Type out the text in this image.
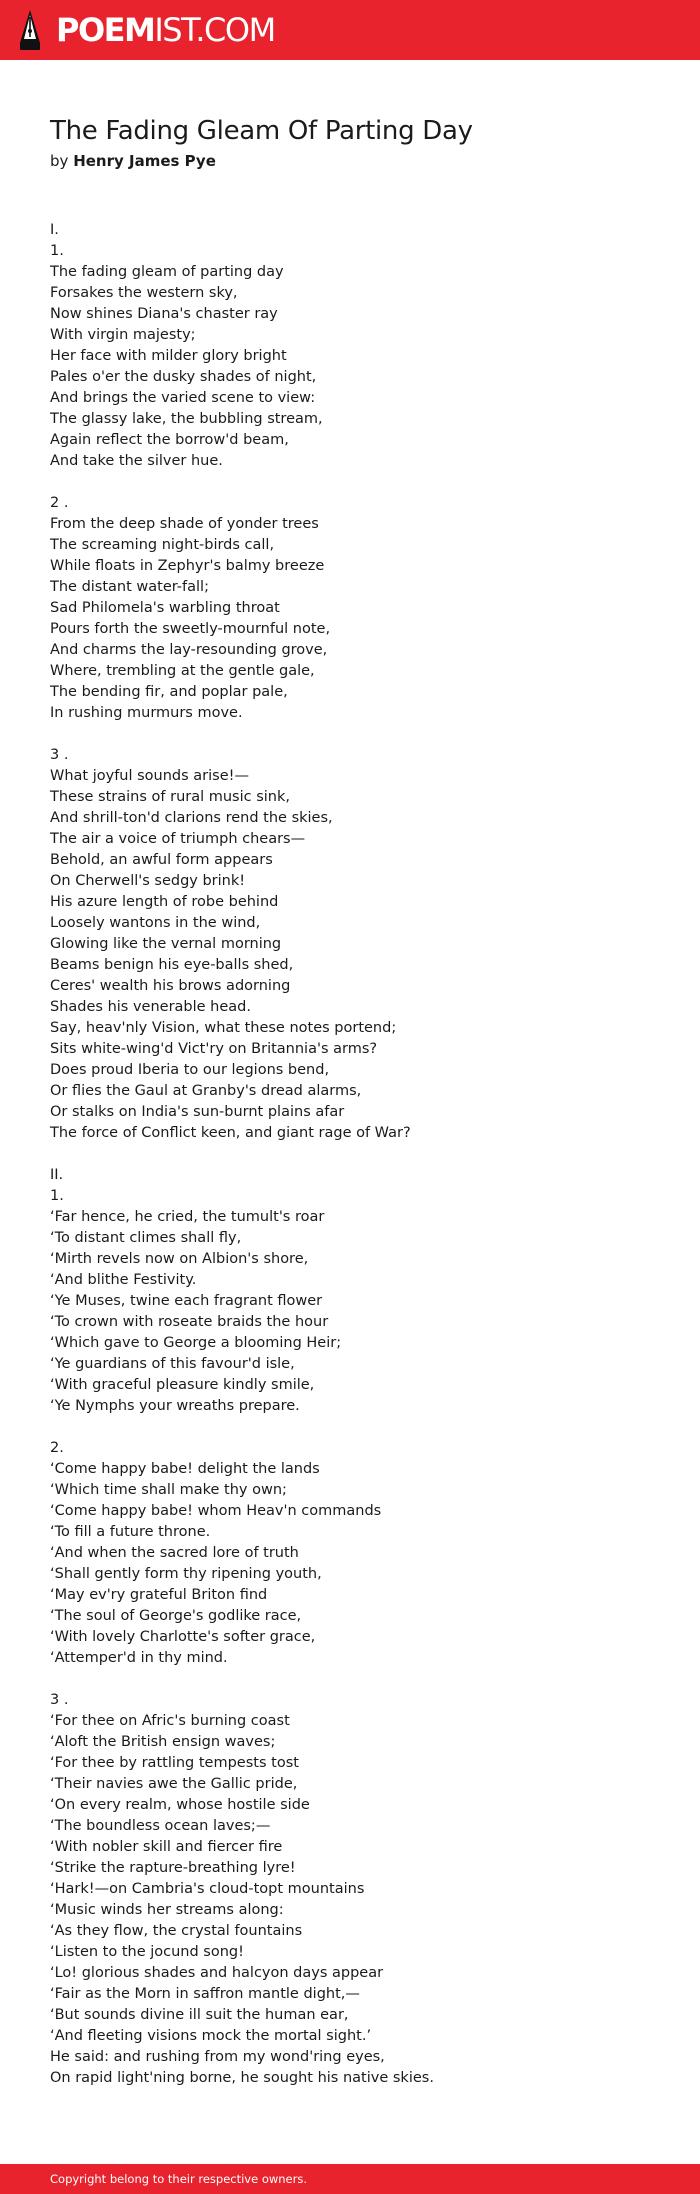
POEMIST.COM
The Fading Gleam Of Parting Day

by Henry James Pye

I.
1.
The fading gleam of parting day
Forsakes the western sky,
Now shines Diana's chaster ray
With virgin majesty;
Her face with milder glory bright
Pales o'er the dusky shades of night,
And brings the varied scene to view:
The glassy lake, the bubbling stream,
Again reflect the borrow'd beam,
And take the silver hue.
2 .
From the deep shade of yonder trees
The screaming night-birds call,
While floats in Zephyr's balmy breeze
The distant water-fall;
Sad Philomela's warbling throat
Pours forth the sweetly-mournful note,
And charms the lay-resounding grove,
Where, trembling at the gentle gale,
The bending fir, and poplar pale,
In rushing murmurs move.
3 .
What joyful sounds arise!—
These strains of rural music sink,
And shrill-ton'd clarions rend the skies,
The air a voice of triumph chears—
Behold, an awful form appears
On Cherwell's sedgy brink!
His azure length of robe behind
Loosely wantons in the wind,
Glowing like the vernal morning
Beams benign his eye-balls shed,
Ceres' wealth his brows adorning
Shades his venerable head.
Say, heav'nly Vision, what these notes portend;
Sits white-wing'd Vict'ry on Britannia's arms?
Does proud Iberia to our legions bend,
Or flies the Gaul at Granby's dread alarms,
Or stalks on India's sun-burnt plains afar
The force of Conflict keen, and giant rage of War?
II.
1.
‘Far hence, he cried, the tumult's roar
‘To distant climes shall fly,
‘Mirth revels now on Albion's shore,
‘And blithe Festivity.
‘Ye Muses, twine each fragrant flower
‘To crown with roseate braids the hour
‘Which gave to George a blooming Heir;
‘Ye guardians of this favour'd isle,
‘With graceful pleasure kindly smile,
‘Ye Nymphs your wreaths prepare.
2.
‘Come happy babe! delight the lands
‘Which time shall make thy own;
‘Come happy babe! whom Heav'n commands
‘To fill a future throne.
‘And when the sacred lore of truth
‘Shall gently form thy ripening youth,
‘May ev'ry grateful Briton find
‘The soul of George's godlike race,
‘With lovely Charlotte's softer grace,
‘Attemper'd in thy mind.
3 .
‘For thee on Afric's burning coast
‘Aloft the British ensign waves;
‘For thee by rattling tempests tost
‘Their navies awe the Gallic pride,
‘On every realm, whose hostile side
‘The boundless ocean laves;—
‘With nobler skill and fiercer fire
‘Strike the rapture-breathing lyre!
‘Hark!—on Cambria's cloud-topt mountains
‘Music winds her streams along:
‘As they flow, the crystal fountains
‘Listen to the jocund song!
‘Lo! glorious shades and halcyon days appear
‘Fair as the Morn in saffron mantle dight,—
‘But sounds divine ill suit the human ear,
‘And fleeting visions mock the mortal sight.’
He said: and rushing from my wond'ring eyes,
On rapid light'ning borne, he sought his native skies.
Copyright belong to their respective owners.
